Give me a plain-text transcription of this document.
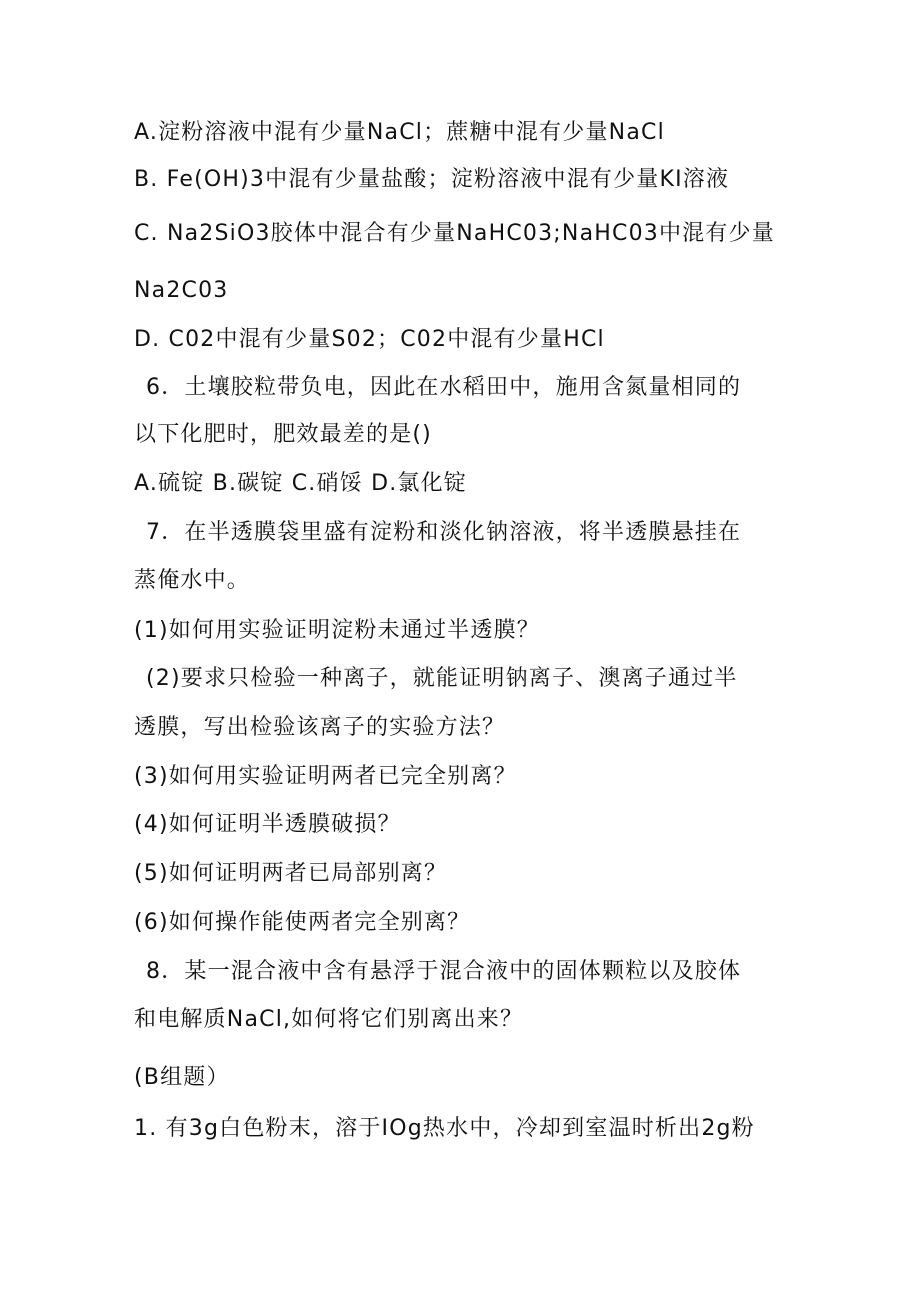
A.淀粉溶液中混有少量NaCl；蔗糖中混有少量NaCl
B. Fe(OH)3中混有少量盐酸；淀粉溶液中混有少量KI溶液
C. Na2SiO3胶体中混合有少量NaHC03;NaHC03中混有少量
Na2C03
D. C02中混有少量S02；C02中混有少量HCl
6．土壤胶粒带负电，因此在水稻田中，施用含氮量相同的
以下化肥时，肥效最差的是()
A.硫锭 B.碳锭 C.硝馁 D.氯化锭
7．在半透膜袋里盛有淀粉和淡化钠溶液，将半透膜悬挂在
蒸俺水中。
(1)如何用实验证明淀粉未通过半透膜？
(2)要求只检验一种离子，就能证明钠离子、澳离子通过半
透膜，写出检验该离子的实验方法？
(3)如何用实验证明两者已完全别离？
(4)如何证明半透膜破损？
(5)如何证明两者已局部别离？
(6)如何操作能使两者完全别离？
8．某一混合液中含有悬浮于混合液中的固体颗粒以及胶体
和电解质NaCl,如何将它们别离出来？
(B组题）
1. 有3g白色粉末，溶于IOg热水中，冷却到室温时析出2g粉
